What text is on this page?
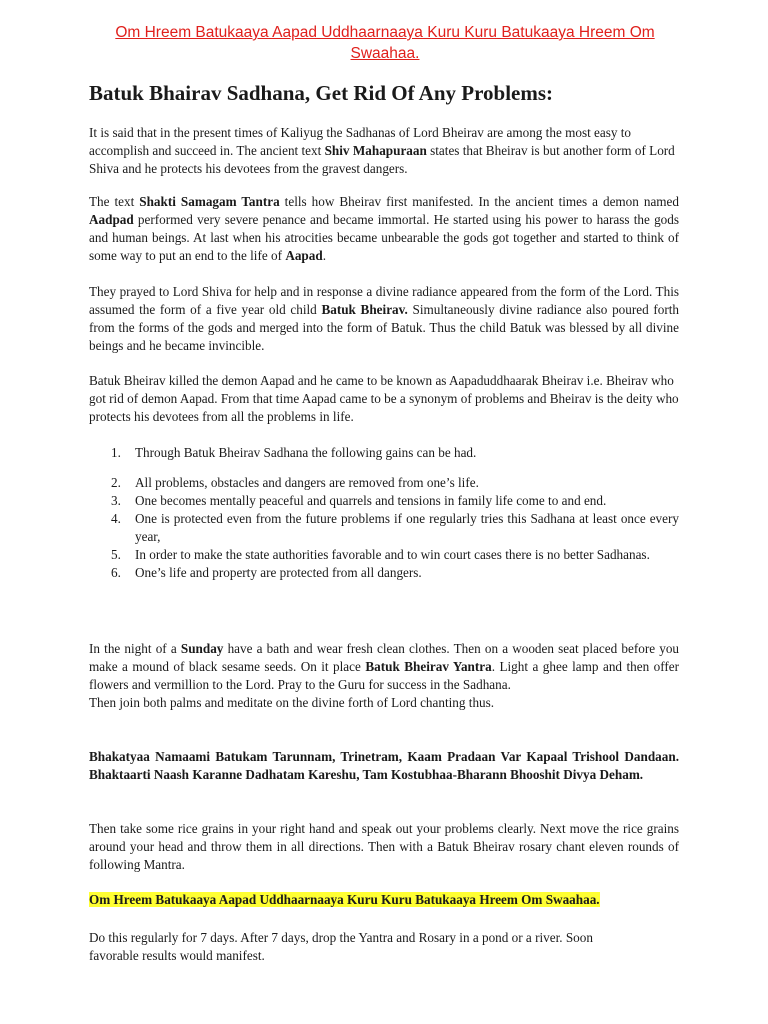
Om Hreem Batukaaya Aapad Uddhaarnaaya Kuru Kuru Batukaaya Hreem Om Swaahaa.
Batuk Bhairav Sadhana, Get Rid Of Any Problems:

It is said that in the present times of Kaliyug the Sadhanas of Lord Bheirav are among the most easy to accomplish and succeed in. The ancient text Shiv Mahapuraan states that Bheirav is but another form of Lord Shiva and he protects his devotees from the gravest dangers.

The text Shakti Samagam Tantra tells how Bheirav first manifested. In the ancient times a demon named Aadpad performed very severe penance and became immortal. He started using his power to harass the gods and human beings. At last when his atrocities became unbearable the gods got together and started to think of some way to put an end to the life of Aapad.

They prayed to Lord Shiva for help and in response a divine radiance appeared from the form of the Lord. This assumed the form of a five year old child Batuk Bheirav. Simultaneously divine radiance also poured forth from the forms of the gods and merged into the form of Batuk. Thus the child Batuk was blessed by all divine beings and he became invincible.

Batuk Bheirav killed the demon Aapad and he came to be known as Aapaduddhaarak Bheirav i.e. Bheirav who got rid of demon Aapad. From that time Aapad came to be a synonym of problems and Bheirav is the deity who protects his devotees from all the problems in life.

1. Through Batuk Bheirav Sadhana the following gains can be had.
2. All problems, obstacles and dangers are removed from one’s life.
3. One becomes mentally peaceful and quarrels and tensions in family life come to and end.
4. One is protected even from the future problems if one regularly tries this Sadhana at least once every year,
5. In order to make the state authorities favorable and to win court cases there is no better Sadhanas.
6. One’s life and property are protected from all dangers.

In the night of a Sunday have a bath and wear fresh clean clothes. Then on a wooden seat placed before you make a mound of black sesame seeds. On it place Batuk Bheirav Yantra. Light a ghee lamp and then offer flowers and vermillion to the Lord. Pray to the Guru for success in the Sadhana.
Then join both palms and meditate on the divine forth of Lord chanting thus.

Bhakatyaa Namaami Batukam Tarunnam, Trinetram, Kaam Pradaan Var Kapaal Trishool Dandaan. Bhaktaarti Naash Karanne Dadhatam Kareshu, Tam Kostubhaa-Bharann Bhooshit Divya Deham.

Then take some rice grains in your right hand and speak out your problems clearly. Next move the rice grains around your head and throw them in all directions. Then with a Batuk Bheirav rosary chant eleven rounds of following Mantra.

Om Hreem Batukaaya Aapad Uddhaarnaaya Kuru Kuru Batukaaya Hreem Om Swaahaa.

Do this regularly for 7 days. After 7 days, drop the Yantra and Rosary in a pond or a river. Soon
favorable results would manifest.
